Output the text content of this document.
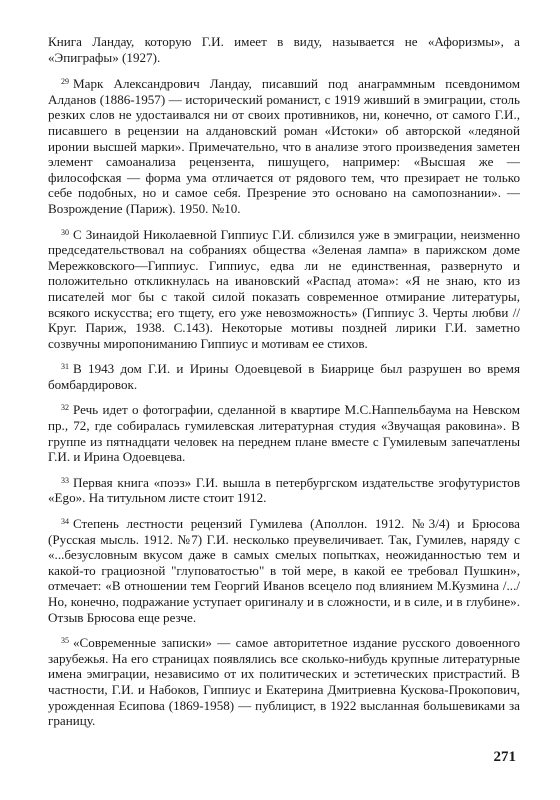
Книга Ландау, которую Г.И. имеет в виду, называется не «Афоризмы», а «Эпиграфы» (1927).

$^{29}$ Марк Александрович Ландау, писавший под анаграммным псевдонимом Алданов (1886-1957) — исторический романист, с 1919 живший в эмиграции, столь резких слов не удостаивался ни от своих противников, ни, конечно, от самого Г.И., писавшего в рецензии на алдановский роман «Истоки» об авторской «ледяной иронии высшей марки». Примечательно, что в анализе этого произведения заметен элемент самоанализа рецензента, пишущего, например: «Высшая же — философская — форма ума отличается от рядового тем, что презирает не только себе подобных, но и самое себя. Презрение это основано на самопознании». — Возрождение (Париж). 1950. №10.

$^{30}$ С Зинаидой Николаевной Гиппиус Г.И. сблизился уже в эмиграции, неизменно председательствовал на собраниях общества «Зеленая лампа» в парижском доме Мережковского—Гиппиус. Гиппиус, едва ли не единственная, развернуто и положительно откликнулась на ивановский «Распад атома»: «Я не знаю, кто из писателей мог бы с такой силой показать современное отмирание литературы, всякого искусства; его тщету, его уже невозможность» (Гиппиус З. Черты любви // Круг. Париж, 1938. С.143). Некоторые мотивы поздней лирики Г.И. заметно созвучны миропониманию Гиппиус и мотивам ее стихов.

$^{31}$ В 1943 дом Г.И. и Ирины Одоевцевой в Биаррице был разрушен во время бомбардировок.

$^{32}$ Речь идет о фотографии, сделанной в квартире М.С.Наппельбаума на Невском пр., 72, где собиралась гумилевская литературная студия «Звучащая раковина». В группе из пятнадцати человек на переднем плане вместе с Гумилевым запечатлены Г.И. и Ирина Одоевцева.

$^{33}$ Первая книга «поэз» Г.И. вышла в петербургском издательстве эгофутуристов «Ego». На титульном листе стоит 1912.

$^{34}$ Степень лестности рецензий Гумилева (Аполлон. 1912. №3/4) и Брюсова (Русская мысль. 1912. №7) Г.И. несколько преувеличивает. Так, Гумилев, наряду с «...безусловным вкусом даже в самых смелых попытках, неожиданностью тем и какой-то грациозной "глуповатостью" в той мере, в какой ее требовал Пушкин», отмечает: «В отношении тем Георгий Иванов всецело под влиянием М.Кузмина /.../ Но, конечно, подражание уступает оригиналу и в сложности, и в силе, и в глубине». Отзыв Брюсова еще резче.

$^{35}$ «Современные записки» — самое авторитетное издание русского довоенного зарубежья. На его страницах появлялись все сколько-нибудь крупные литературные имена эмиграции, независимо от их политических и эстетических пристрастий. В частности, Г.И. и Набоков, Гиппиус и Екатерина Дмитриевна Кускова-Прокопович, урожденная Есипова (1869-1958) — публицист, в 1922 высланная большевиками за границу.

271
